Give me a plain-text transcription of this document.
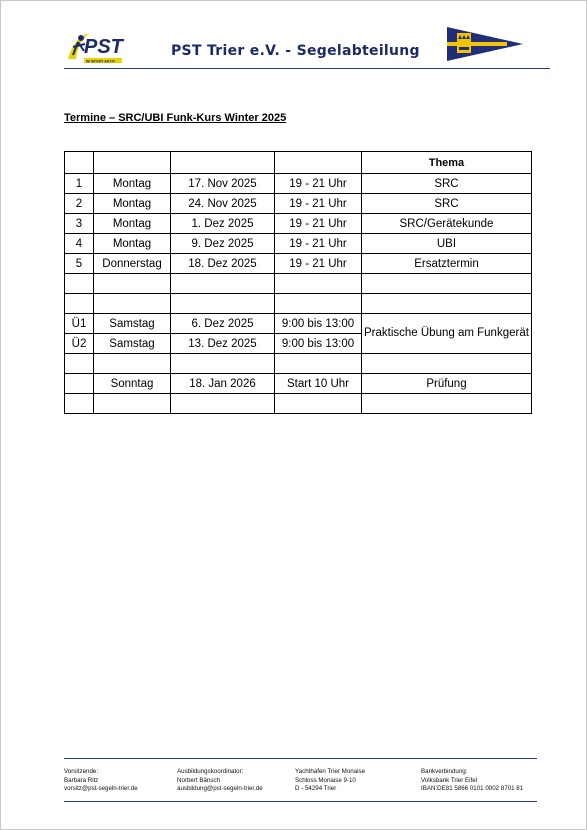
PST
IM SPORT AKTIV
PST Trier e.V. - Segelabteilung
Termine – SRC/UBI Funk-Kurs Winter 2025
				Thema
1	Montag	17. Nov 2025	19 - 21 Uhr	SRC
2	Montag	24. Nov 2025	19 - 21 Uhr	SRC
3	Montag	1. Dez 2025	19 - 21 Uhr	SRC/Gerätekunde
4	Montag	9. Dez 2025	19 - 21 Uhr	UBI
5	Donnerstag	18. Dez 2025	19 - 21 Uhr	Ersatztermin

Ü1	Samstag	6. Dez 2025	9:00 bis 13:00	Praktische Übung am Funkgerät
Ü2	Samstag	13. Dez 2025	9:00 bis 13:00	

	Sonntag	18. Jan 2026	Start 10 Uhr	Prüfung

Vorsitzende:
Barbara Ritz
vorsitz@pst-segeln-trier.de
Ausbildungskoordinator:
Norbert Bänsch
ausbildung@pst-segeln-trier.de
Yachthafen Trier Monaise
Schloss Monaise 9-10
D - 54294 Trier
Bankverbindung:
Volksbank Trier Eifel
IBAN:DE81 5866 0101 0002 8701 81
